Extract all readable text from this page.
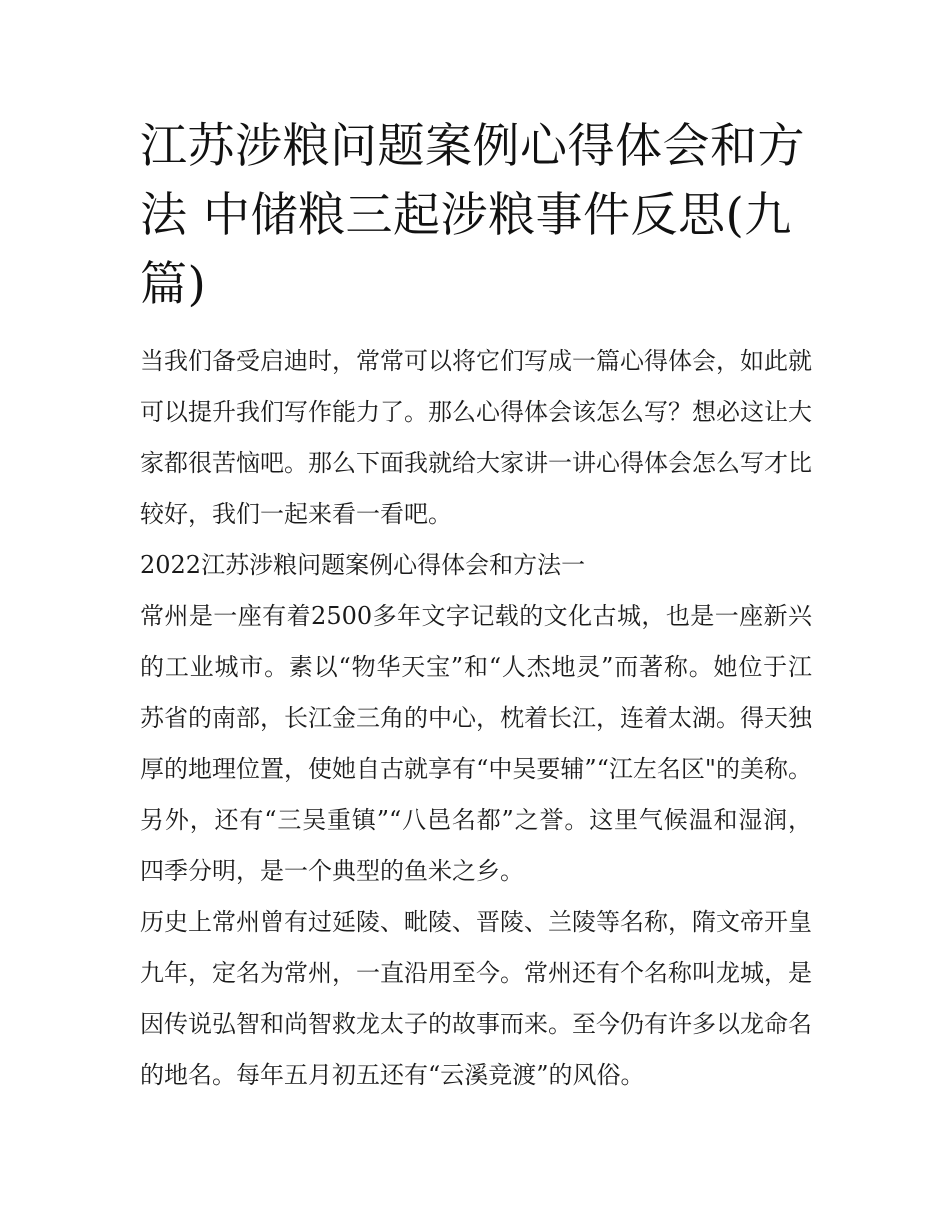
江苏涉粮问题案例心得体会和方法 中储粮三起涉粮事件反思(九篇)

当我们备受启迪时，常常可以将它们写成一篇心得体会，如此就可以提升我们写作能力了。那么心得体会该怎么写？想必这让大家都很苦恼吧。那么下面我就给大家讲一讲心得体会怎么写才比较好，我们一起来看一看吧。

2022江苏涉粮问题案例心得体会和方法一

常州是一座有着2500多年文字记载的文化古城，也是一座新兴的工业城市。素以“物华天宝”和“人杰地灵”而著称。她位于江苏省的南部，长江金三角的中心，枕着长江，连着太湖。得天独厚的地理位置，使她自古就享有“中吴要辅”“江左名区"的美称。另外，还有“三吴重镇”“八邑名都”之誉。这里气候温和湿润，四季分明，是一个典型的鱼米之乡。

历史上常州曾有过延陵、毗陵、晋陵、兰陵等名称，隋文帝开皇九年，定名为常州，一直沿用至今。常州还有个名称叫龙城，是因传说弘智和尚智救龙太子的故事而来。至今仍有许多以龙命名的地名。每年五月初五还有“云溪竞渡”的风俗。
